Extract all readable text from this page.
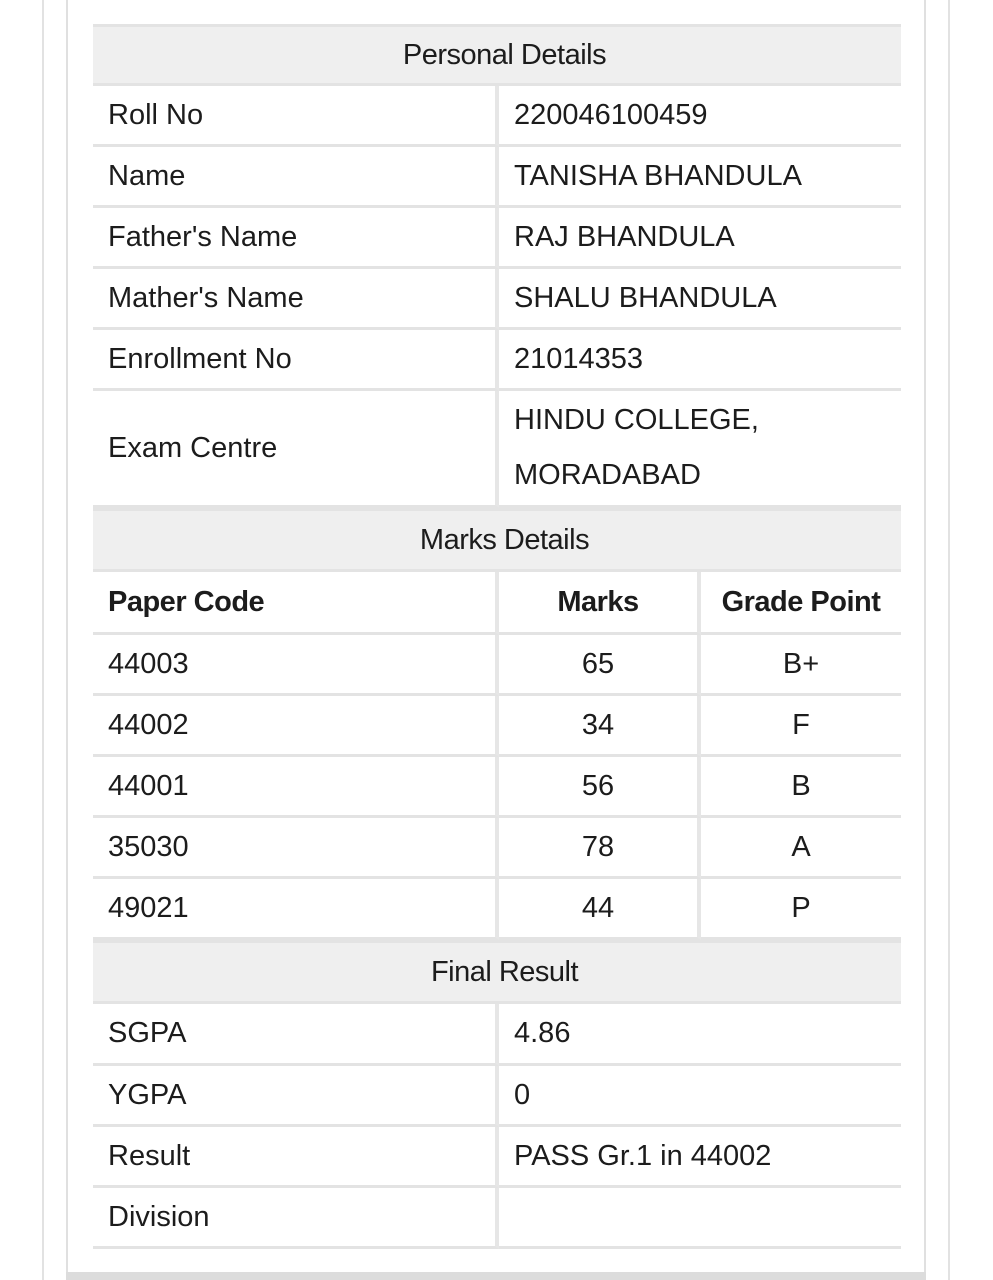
Personal Details		
Roll No	220046100459	
Name	TANISHA BHANDULA	
Father's Name	RAJ BHANDULA	
Mather's Name	SHALU BHANDULA	
Enrollment No	21014353	
Exam Centre	HINDU COLLEGE,
MORADABAD	

Marks Details		
Paper Code	Marks	Grade Point
44003	65	B+
44002	34	F
44001	56	B
35030	78	A
49021	44	P
Final Result		
SGPA	4.86	
YGPA	0	
Result	PASS Gr.1 in 44002	
Division		
